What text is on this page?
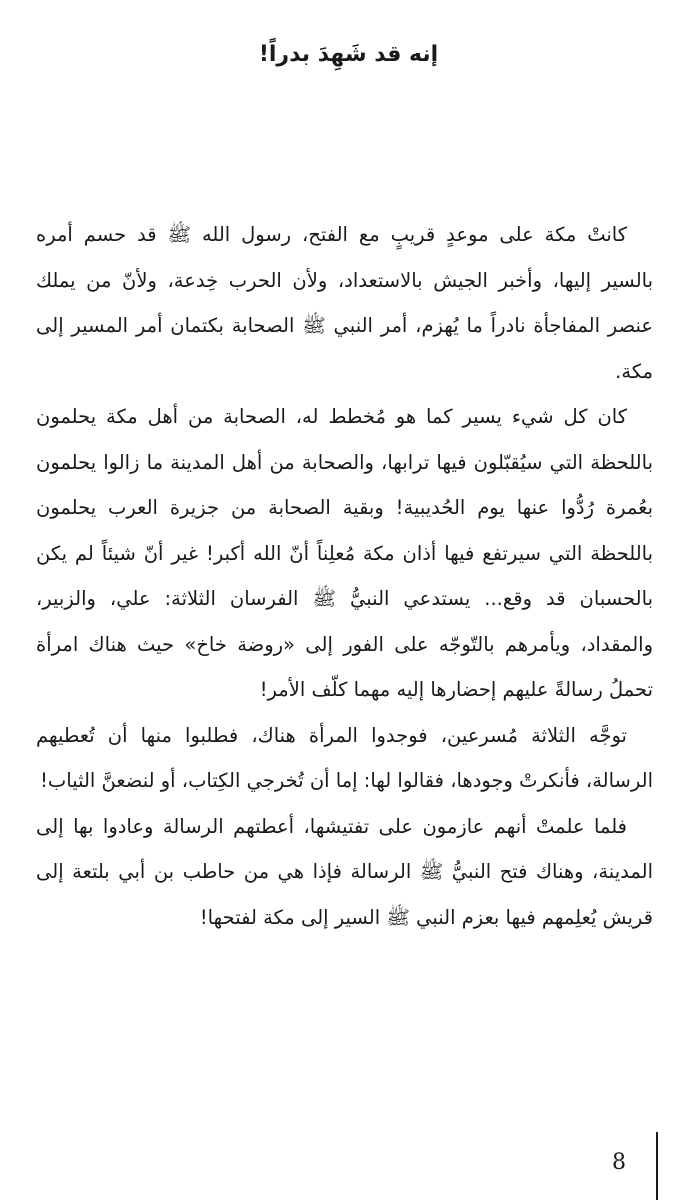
إنه قد شَهِدَ بدراً!

كانتْ مكة على موعدٍ قريبٍ مع الفتح، رسول الله ﷺ قد حسم أمره بالسير إليها، وأخبر الجيش بالاستعداد، ولأن الحرب خِدعة، ولأنّ من يملك عنصر المفاجأة نادراً ما يُهزم، أمر النبي ﷺ الصحابة بكتمان أمر المسير إلى مكة.

كان كل شيء يسير كما هو مُخطط له، الصحابة من أهل مكة يحلمون باللحظة التي سيُقبّلون فيها ترابها، والصحابة من أهل المدينة ما زالوا يحلمون بعُمرة رُدُّوا عنها يوم الحُديبية! وبقية الصحابة من جزيرة العرب يحلمون باللحظة التي سيرتفع فيها أذان مكة مُعلِناً أنّ الله أكبر! غير أنّ شيئاً لم يكن بالحسبان قد وقع... يستدعي النبيُّ ﷺ الفرسان الثلاثة: علي، والزبير، والمقداد، ويأمرهم بالتّوجّه على الفور إلى «روضة خاخ» حيث هناك امرأة تحملُ رسالةً عليهم إحضارها إليه مهما كلّف الأمر!

توجَّه الثلاثة مُسرعين، فوجدوا المرأة هناك، فطلبوا منها أن تُعطيهم الرسالة، فأنكرتْ وجودها، فقالوا لها: إما أن تُخرجي الكِتاب، أو لنضعنَّ الثياب!

فلما علمتْ أنهم عازمون على تفتيشها، أعطتهم الرسالة وعادوا بها إلى المدينة، وهناك فتح النبيُّ ﷺ الرسالة فإذا هي من حاطب بن أبي بلتعة إلى قريش يُعلِمهم فيها بعزم النبي ﷺ السير إلى مكة لفتحها!

8
